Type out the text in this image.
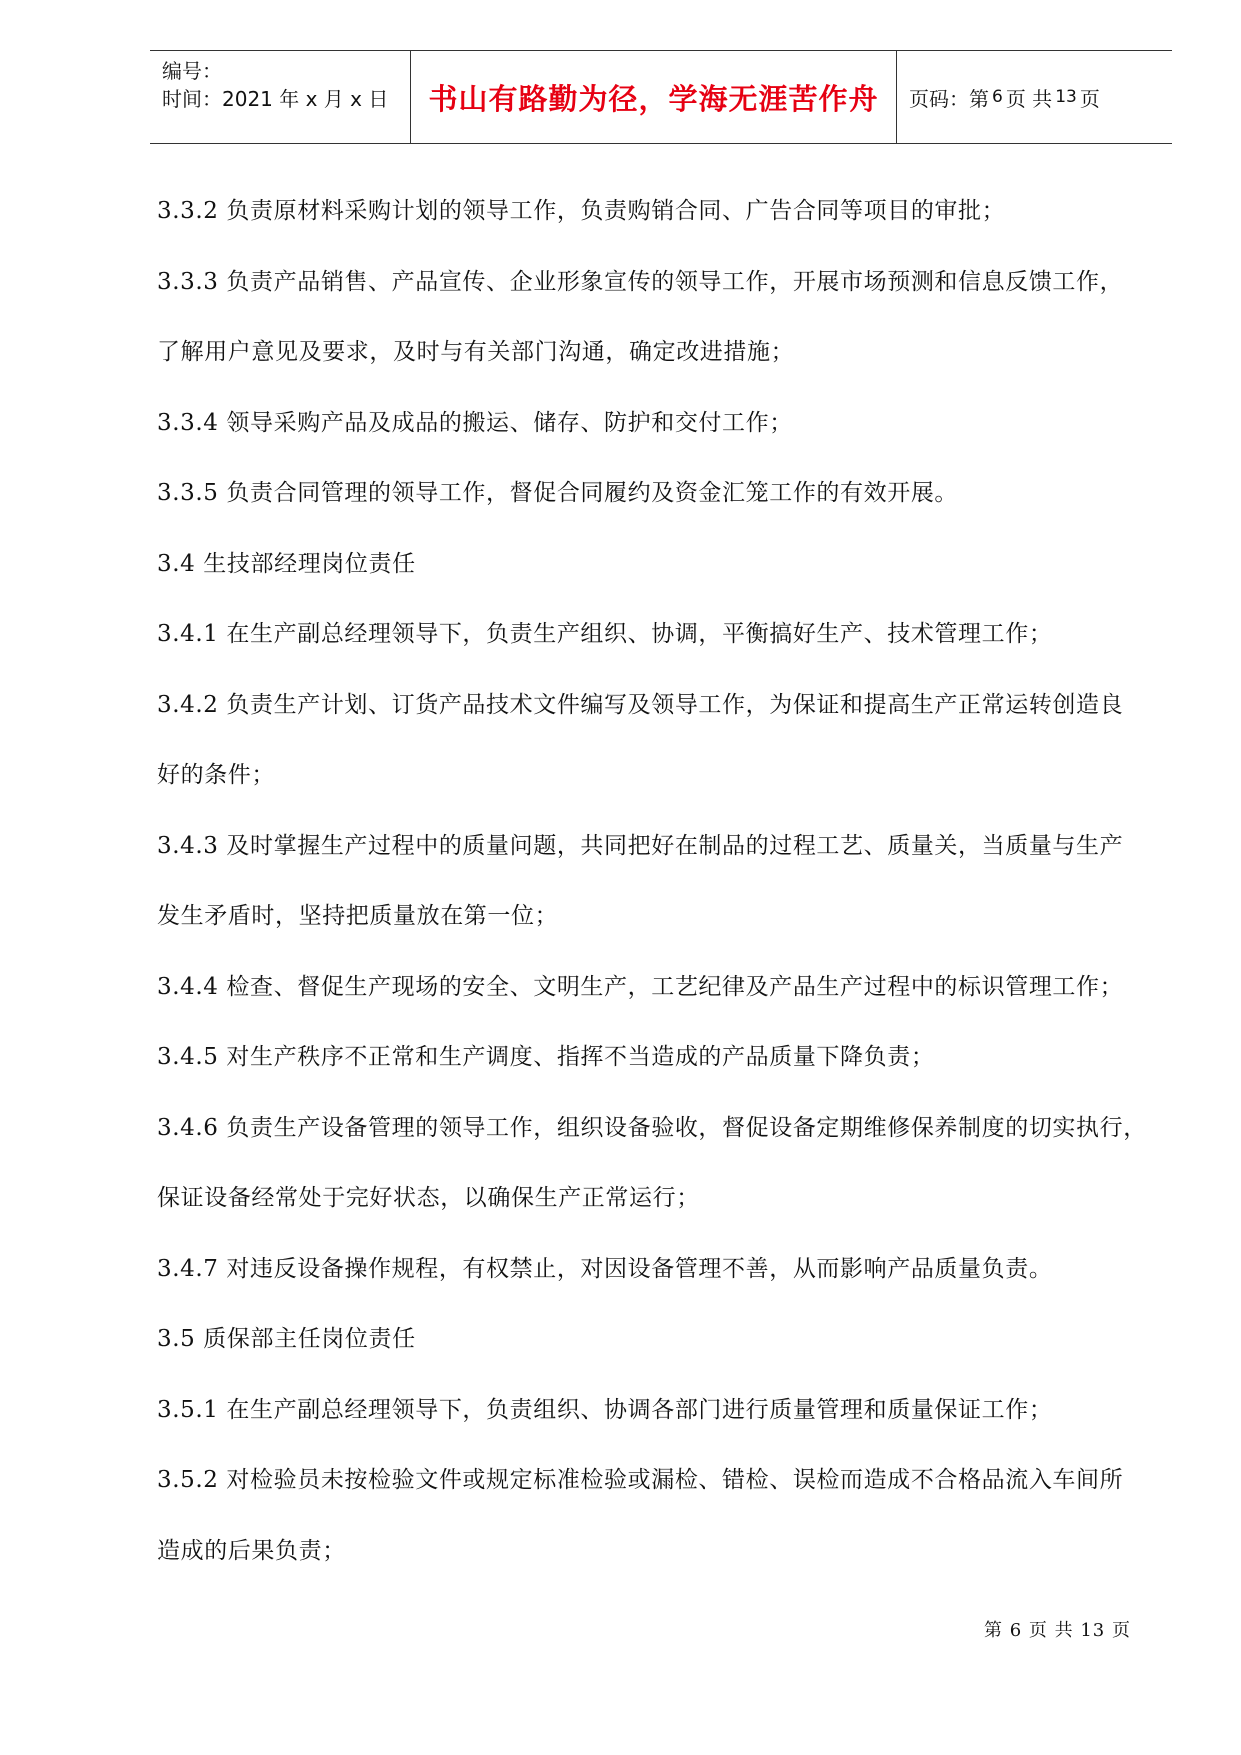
编号：
时间：2021 年 x 月 x 日	书山有路勤为径，学海无涯苦作舟	页码：第 6 页 共 13 页
3.3.2 负责原材料采购计划的领导工作，负责购销合同、广告合同等项目的审批；
3.3.3 负责产品销售、产品宣传、企业形象宣传的领导工作，开展市场预测和信息反馈工作，
了解用户意见及要求，及时与有关部门沟通，确定改进措施；
3.3.4 领导采购产品及成品的搬运、储存、防护和交付工作；
3.3.5 负责合同管理的领导工作，督促合同履约及资金汇笼工作的有效开展。
3.4 生技部经理岗位责任
3.4.1 在生产副总经理领导下，负责生产组织、协调，平衡搞好生产、技术管理工作；
3.4.2 负责生产计划、订货产品技术文件编写及领导工作，为保证和提高生产正常运转创造良
好的条件；
3.4.3 及时掌握生产过程中的质量问题，共同把好在制品的过程工艺、质量关，当质量与生产
发生矛盾时，坚持把质量放在第一位；
3.4.4 检查、督促生产现场的安全、文明生产，工艺纪律及产品生产过程中的标识管理工作；
3.4.5 对生产秩序不正常和生产调度、指挥不当造成的产品质量下降负责；
3.4.6 负责生产设备管理的领导工作，组织设备验收，督促设备定期维修保养制度的切实执行，
保证设备经常处于完好状态，以确保生产正常运行；
3.4.7 对违反设备操作规程，有权禁止，对因设备管理不善，从而影响产品质量负责。
3.5 质保部主任岗位责任
3.5.1 在生产副总经理领导下，负责组织、协调各部门进行质量管理和质量保证工作；
3.5.2 对检验员未按检验文件或规定标准检验或漏检、错检、误检而造成不合格品流入车间所
造成的后果负责；
第 6 页 共 13 页
